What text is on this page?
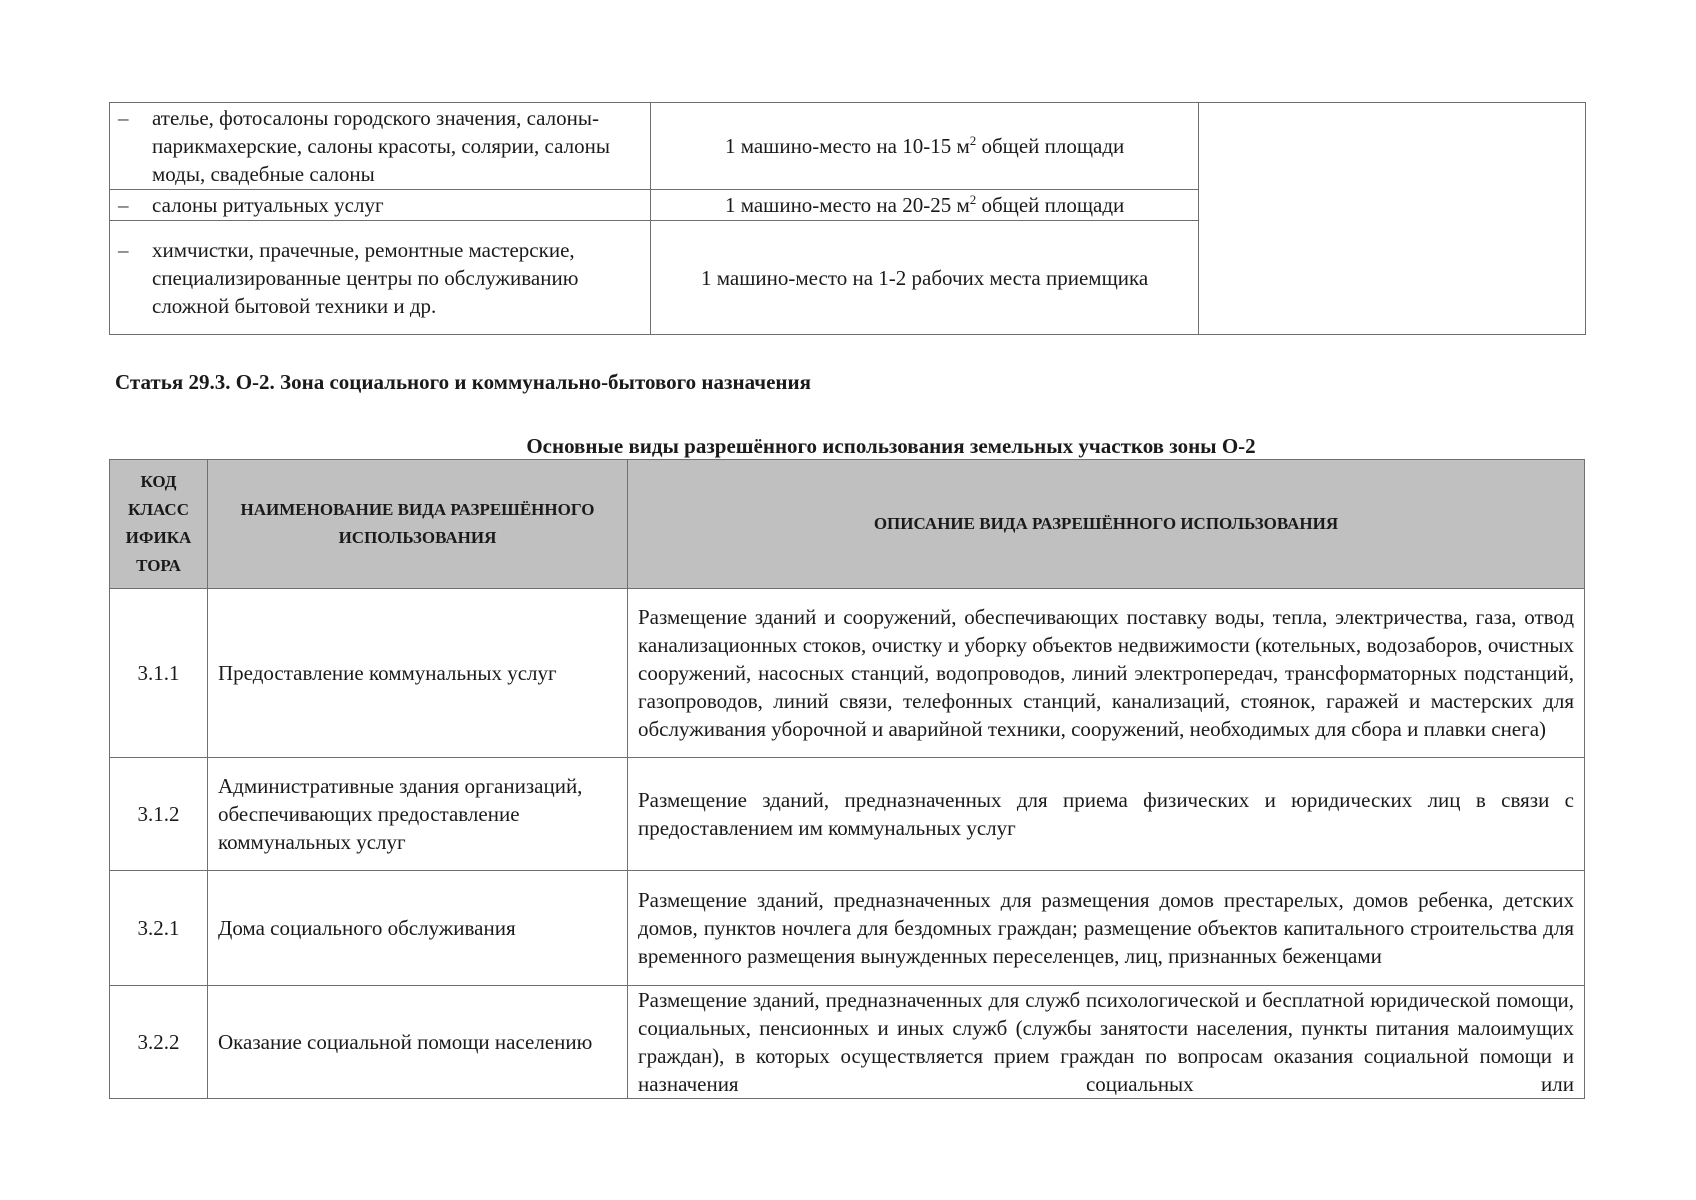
– ателье, фотосалоны городского значения, салоны-парикмахерские, салоны красоты, солярии, салоны моды, свадебные салоны	1 машино-место на 10-15 $м^2$ общей площади	

– салоны ритуальных услуг	1 машино-место на 20-25 $м^2$ общей площади	

– химчистки, прачечные, ремонтные мастерские, специализированные центры по обслуживанию сложной бытовой техники и др.	1 машино-место на 1-2 рабочих места приемщика	
Статья 29.3. О-2. Зона социального и коммунально-бытового назначения
Основные виды разрешённого использования земельных участков зоны О-2
КОД КЛАСС ИФИКА ТОРА	НАИМЕНОВАНИЕ ВИДА РАЗРЕШЁННОГО ИСПОЛЬЗОВАНИЯ	ОПИСАНИЕ ВИДА РАЗРЕШЁННОГО ИСПОЛЬЗОВАНИЯ
3.1.1	Предоставление коммунальных услуг	Размещение зданий и сооружений, обеспечивающих поставку воды, тепла, электричества, газа, отвод канализационных стоков, очистку и уборку объектов недвижимости (котельных, водозаборов, очистных сооружений, насосных станций, водопроводов, линий электропередач, трансформаторных подстанций, газопроводов, линий связи, телефонных станций, канализаций, стоянок, гаражей и мастерских для обслуживания уборочной и аварийной техники, сооружений, необходимых для сбора и плавки снега)

3.1.2	Административные здания организаций, обеспечивающих предоставление коммунальных услуг	Размещение зданий, предназначенных для приема физических и юридических лиц в связи с предоставлением им коммунальных услуг

3.2.1	Дома социального обслуживания	Размещение зданий, предназначенных для размещения домов престарелых, домов ребенка, детских домов, пунктов ночлега для бездомных граждан; размещение объектов капитального строительства для временного размещения вынужденных переселенцев, лиц, признанных беженцами

3.2.2	Оказание социальной помощи населению	Размещение зданий, предназначенных для служб психологической и бесплатной юридической помощи, социальных, пенсионных и иных служб (службы занятости населения, пункты питания малоимущих граждан), в которых осуществляется прием граждан по вопросам оказания социальной помощи и назначения социальных или
